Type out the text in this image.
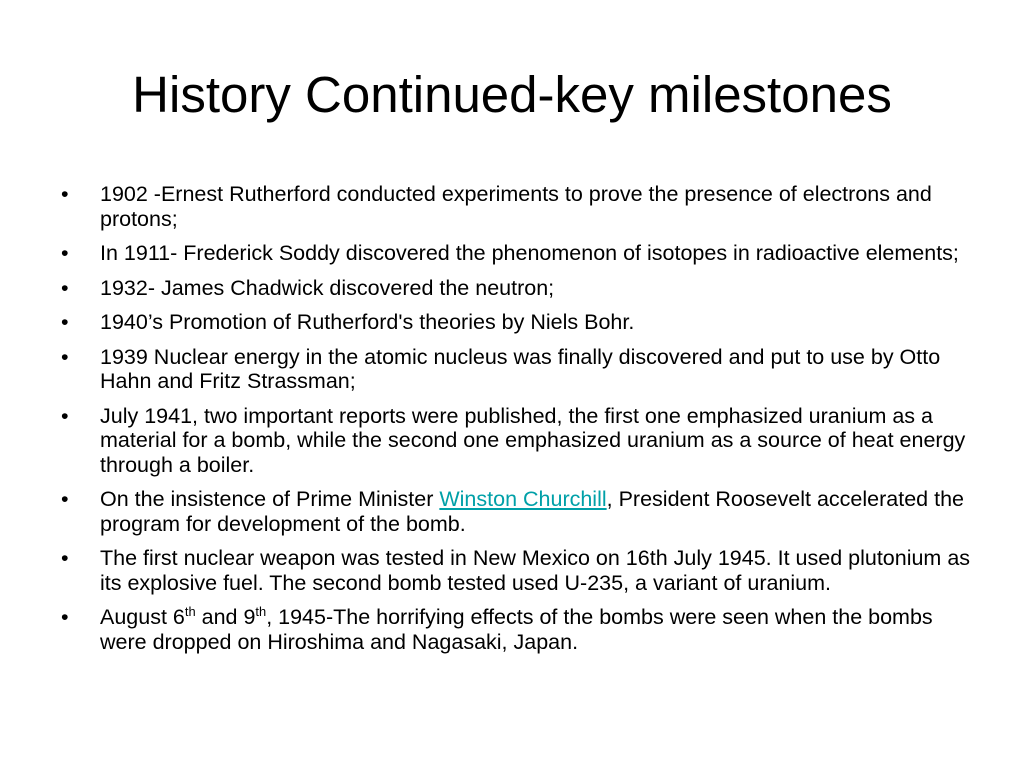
History Continued-key milestones
• 1902 -Ernest Rutherford conducted experiments to prove the presence of electrons and protons;
• In 1911- Frederick Soddy discovered the phenomenon of isotopes in radioactive elements;
• 1932- James Chadwick discovered the neutron;
• 1940’s Promotion of Rutherford's theories by Niels Bohr.
• 1939 Nuclear energy in the atomic nucleus was finally discovered and put to use by Otto Hahn and Fritz Strassman;
• July 1941, two important reports were published, the first one emphasized uranium as a material for a bomb, while the second one emphasized uranium as a source of heat energy through a boiler.
• On the insistence of Prime Minister Winston Churchill, President Roosevelt accelerated the program for development of the bomb.
• The first nuclear weapon was tested in New Mexico on 16th July 1945. It used plutonium as its explosive fuel. The second bomb tested used U-235, a variant of uranium.
• August 6th and 9th, 1945-The horrifying effects of the bombs were seen when the bombs were dropped on Hiroshima and Nagasaki, Japan.
